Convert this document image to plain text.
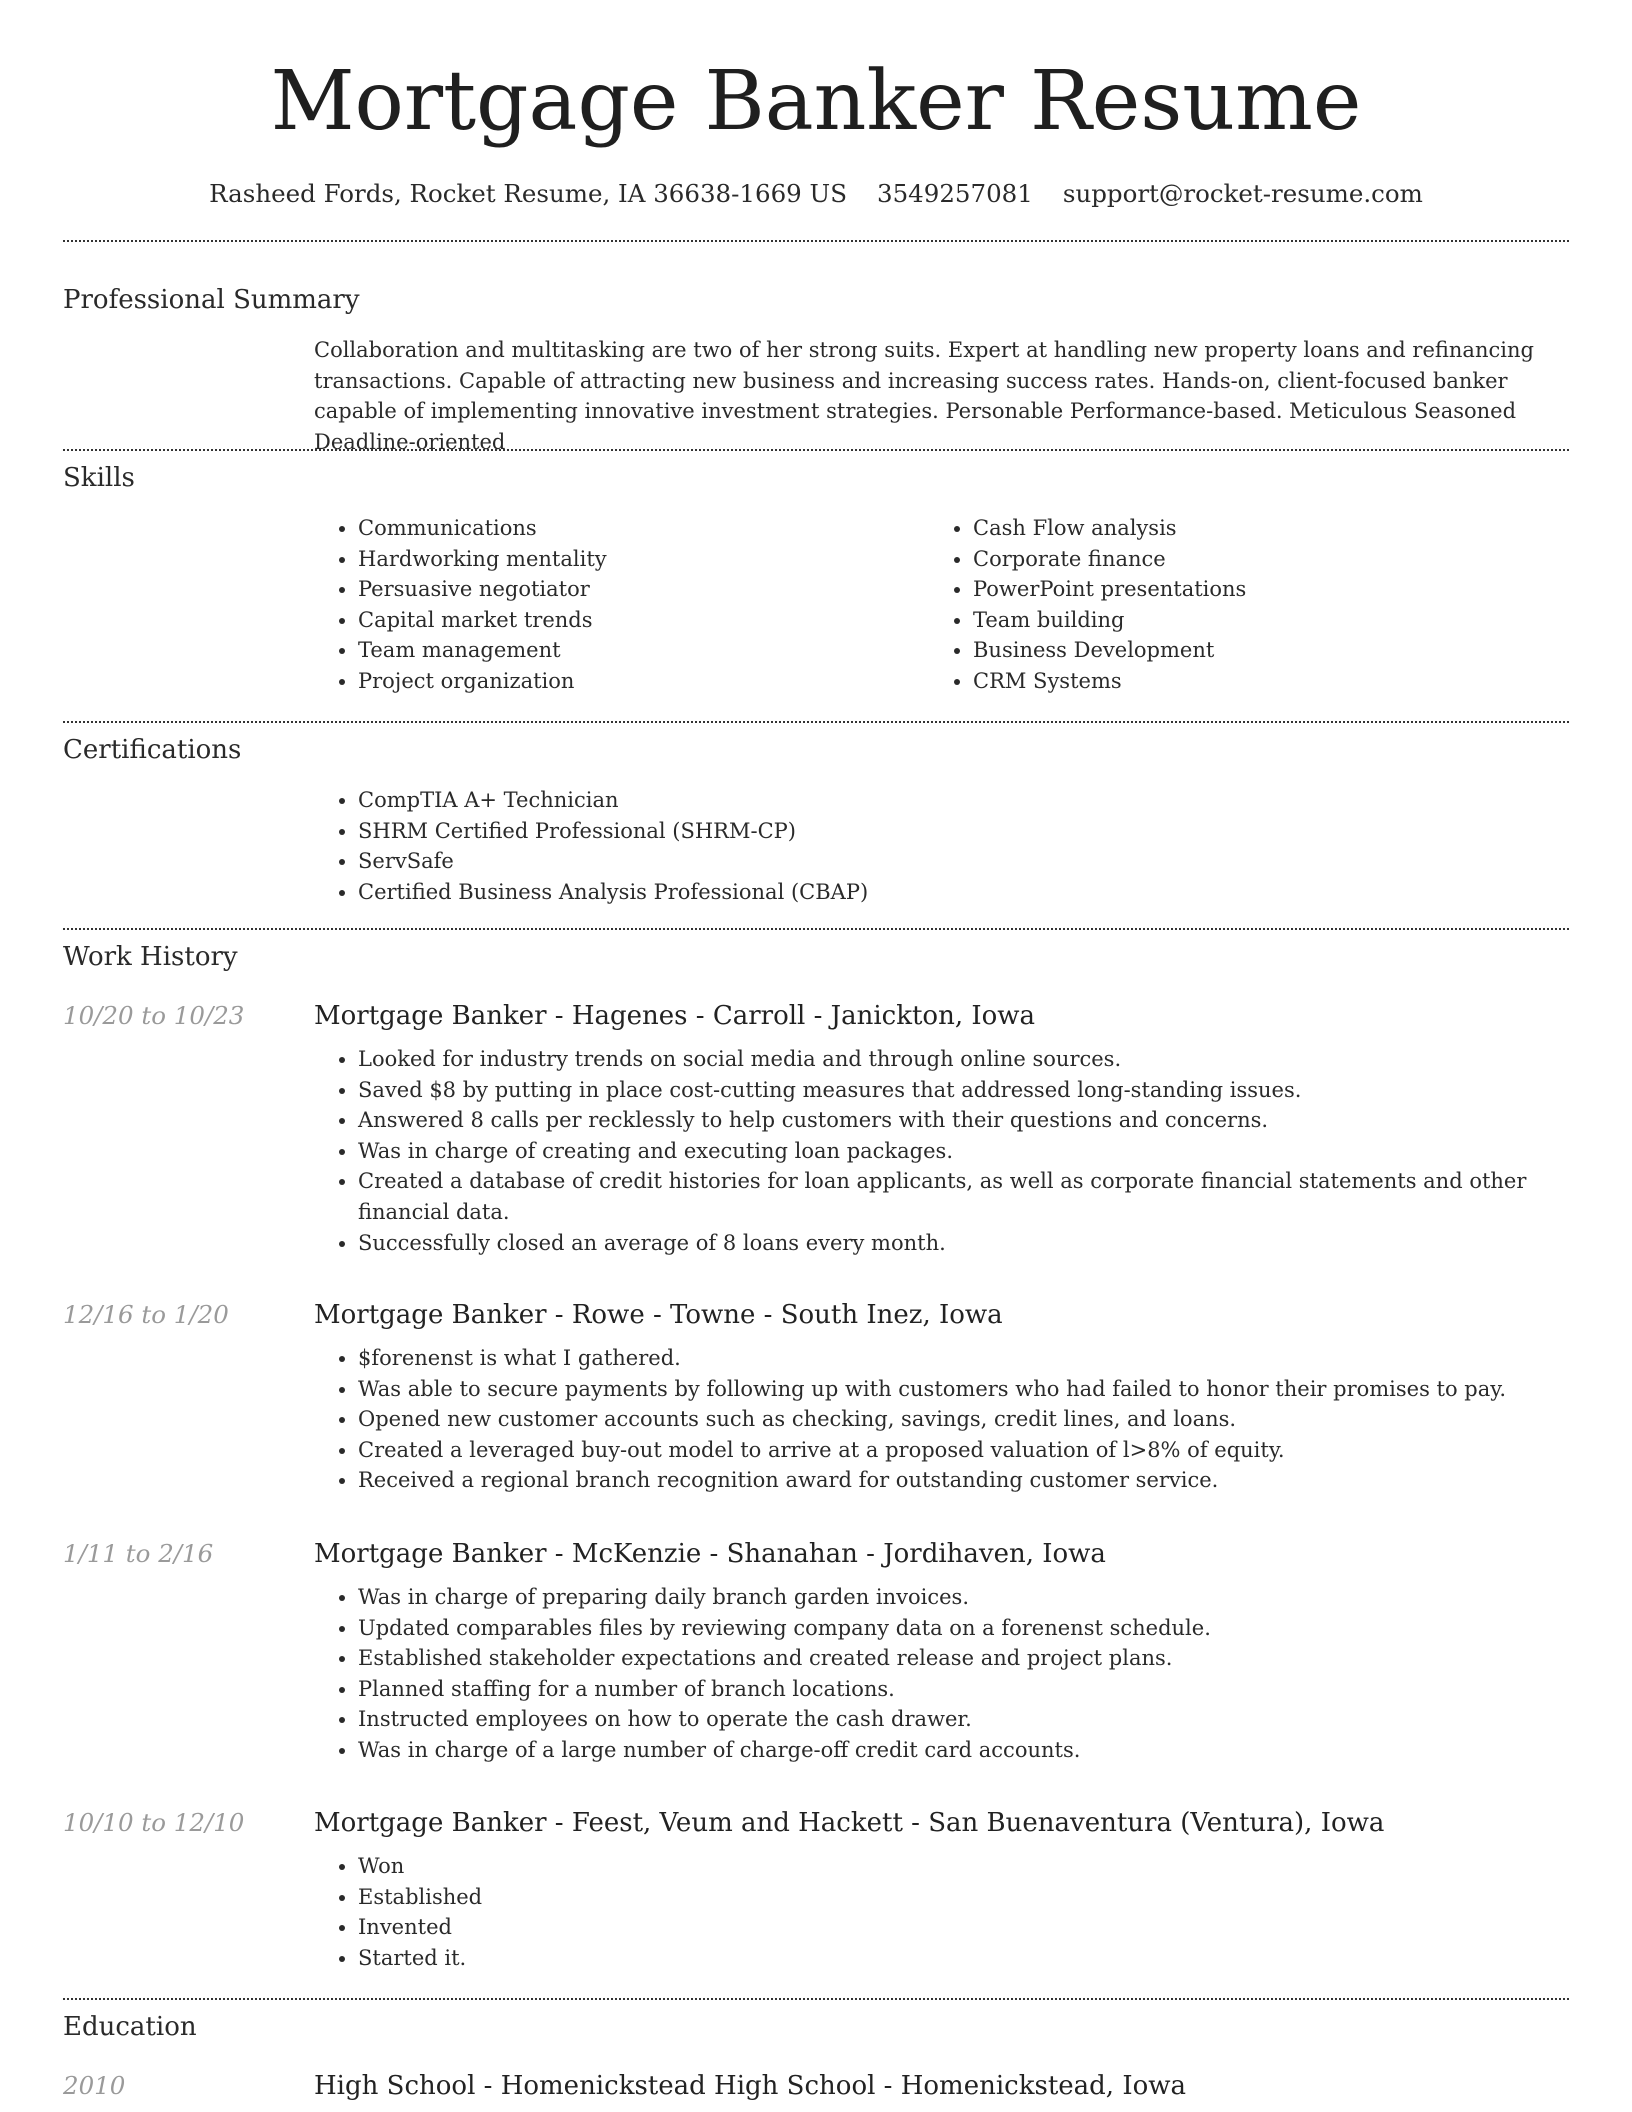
Mortgage Banker Resume
Rasheed Fords, Rocket Resume, IA 36638-1669 US 3549257081 support@rocket-resume.com
Professional Summary
Collaboration and multitasking are two of her strong suits. Expert at handling new property loans and refinancing transactions. Capable of attracting new business and increasing success rates. Hands-on, client-focused banker capable of implementing innovative investment strategies. Personable Performance-based. Meticulous Seasoned Deadline-oriented
Skills
• Communications
• Hardworking mentality
• Persuasive negotiator
• Capital market trends
• Team management
• Project organization
• Cash Flow analysis
• Corporate finance
• PowerPoint presentations
• Team building
• Business Development
• CRM Systems
Certifications
• CompTIA A+ Technician
• SHRM Certified Professional (SHRM-CP)
• ServSafe
• Certified Business Analysis Professional (CBAP)
Work History
10/20 to 10/23	Mortgage Banker - Hagenes - Carroll - Janickton, Iowa
• Looked for industry trends on social media and through online sources.
• Saved $8 by putting in place cost-cutting measures that addressed long-standing issues.
• Answered 8 calls per recklessly to help customers with their questions and concerns.
• Was in charge of creating and executing loan packages.
• Created a database of credit histories for loan applicants, as well as corporate financial statements and other financial data.
• Successfully closed an average of 8 loans every month.
12/16 to 1/20	Mortgage Banker - Rowe - Towne - South Inez, Iowa
• $forenenst is what I gathered.
• Was able to secure payments by following up with customers who had failed to honor their promises to pay.
• Opened new customer accounts such as checking, savings, credit lines, and loans.
• Created a leveraged buy-out model to arrive at a proposed valuation of l>8% of equity.
• Received a regional branch recognition award for outstanding customer service.
1/11 to 2/16	Mortgage Banker - McKenzie - Shanahan - Jordihaven, Iowa
• Was in charge of preparing daily branch garden invoices.
• Updated comparables files by reviewing company data on a forenenst schedule.
• Established stakeholder expectations and created release and project plans.
• Planned staffing for a number of branch locations.
• Instructed employees on how to operate the cash drawer.
• Was in charge of a large number of charge-off credit card accounts.
10/10 to 12/10	Mortgage Banker - Feest, Veum and Hackett - San Buenaventura (Ventura), Iowa
• Won
• Established
• Invented
• Started it.
Education
2010	High School - Homenickstead High School - Homenickstead, Iowa
